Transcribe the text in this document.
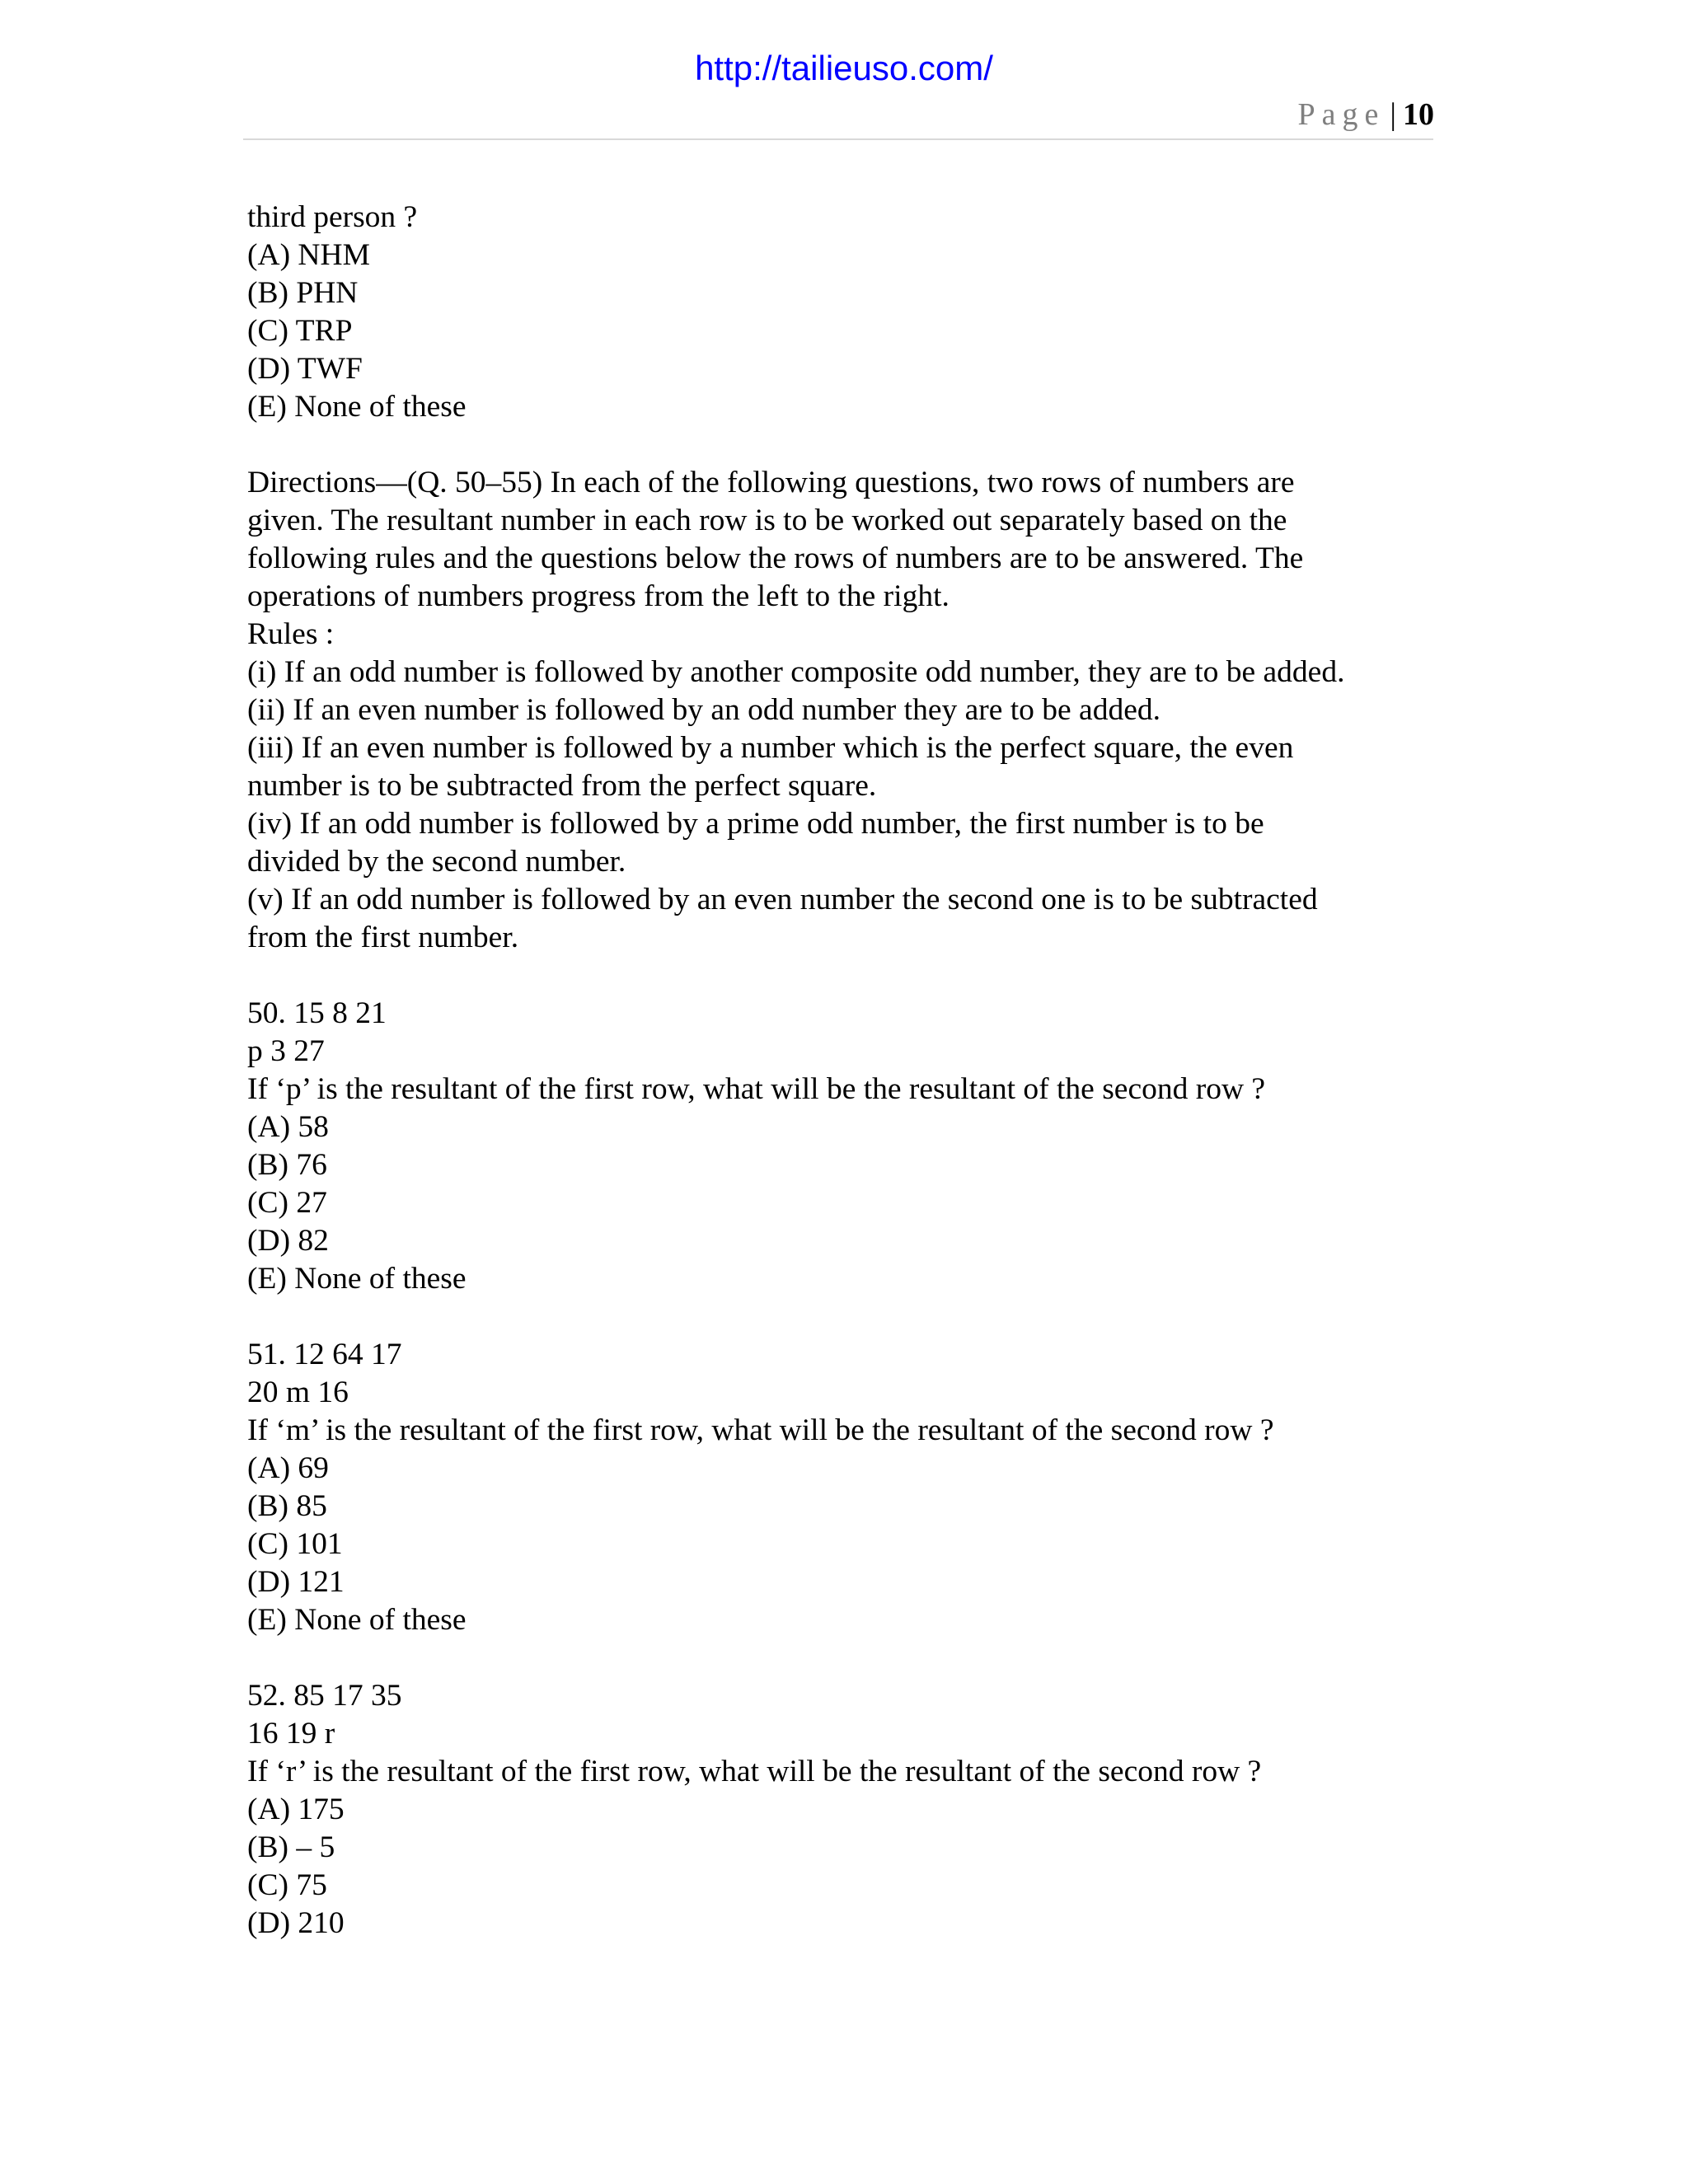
http://tailieuso.com/
Page | 10
third person ?
(A) NHM
(B) PHN
(C) TRP
(D) TWF
(E) None of these
Directions—(Q. 50–55) In each of the following questions, two rows of numbers are
given. The resultant number in each row is to be worked out separately based on the
following rules and the questions below the rows of numbers are to be answered. The
operations of numbers progress from the left to the right.
Rules :
(i) If an odd number is followed by another composite odd number, they are to be added.
(ii) If an even number is followed by an odd number they are to be added.
(iii) If an even number is followed by a number which is the perfect square, the even
number is to be subtracted from the perfect square.
(iv) If an odd number is followed by a prime odd number, the first number is to be
divided by the second number.
(v) If an odd number is followed by an even number the second one is to be subtracted
from the first number.
50. 15 8 21
p 3 27
If ‘p’ is the resultant of the first row, what will be the resultant of the second row ?
(A) 58
(B) 76
(C) 27
(D) 82
(E) None of these
51. 12 64 17
20 m 16
If ‘m’ is the resultant of the first row, what will be the resultant of the second row ?
(A) 69
(B) 85
(C) 101
(D) 121
(E) None of these
52. 85 17 35
16 19 r
If ‘r’ is the resultant of the first row, what will be the resultant of the second row ?
(A) 175
(B) – 5
(C) 75
(D) 210
